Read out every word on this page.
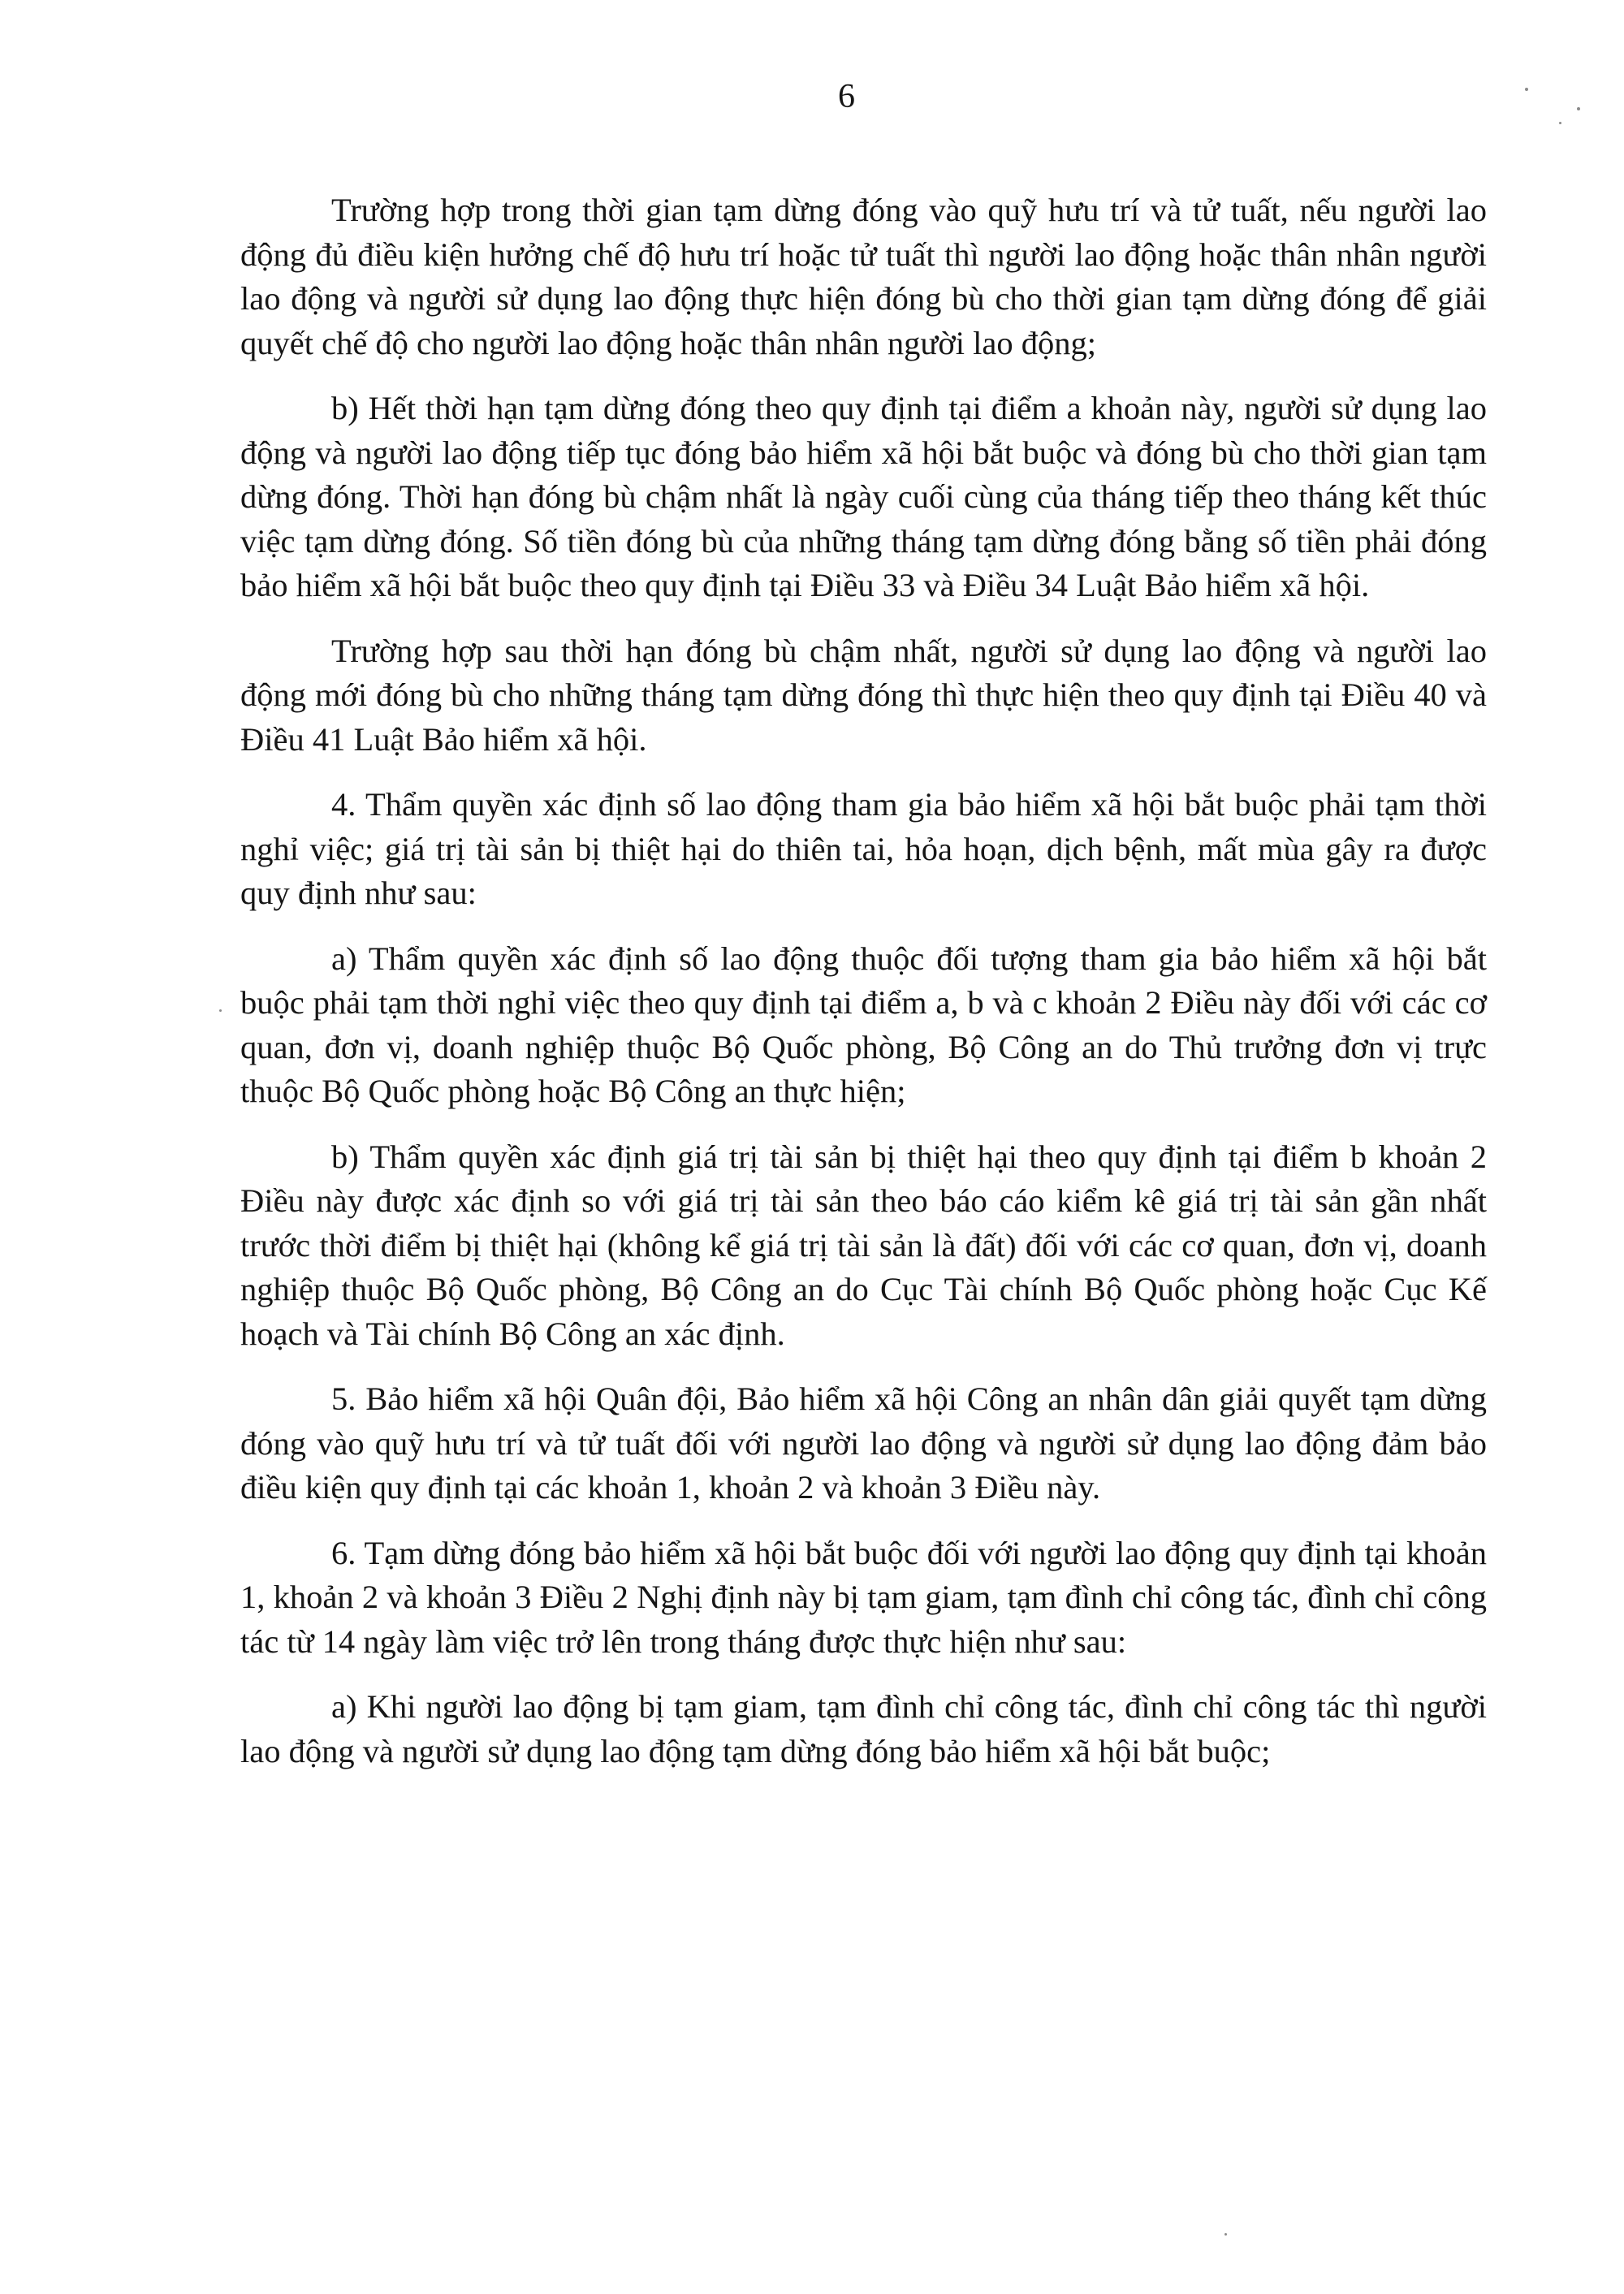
6

Trường hợp trong thời gian tạm dừng đóng vào quỹ hưu trí và tử tuất, nếu người lao động đủ điều kiện hưởng chế độ hưu trí hoặc tử tuất thì người lao động hoặc thân nhân người lao động và người sử dụng lao động thực hiện đóng bù cho thời gian tạm dừng đóng để giải quyết chế độ cho người lao động hoặc thân nhân người lao động;

b) Hết thời hạn tạm dừng đóng theo quy định tại điểm a khoản này, người sử dụng lao động và người lao động tiếp tục đóng bảo hiểm xã hội bắt buộc và đóng bù cho thời gian tạm dừng đóng. Thời hạn đóng bù chậm nhất là ngày cuối cùng của tháng tiếp theo tháng kết thúc việc tạm dừng đóng. Số tiền đóng bù của những tháng tạm dừng đóng bằng số tiền phải đóng bảo hiểm xã hội bắt buộc theo quy định tại Điều 33 và Điều 34 Luật Bảo hiểm xã hội.

Trường hợp sau thời hạn đóng bù chậm nhất, người sử dụng lao động và người lao động mới đóng bù cho những tháng tạm dừng đóng thì thực hiện theo quy định tại Điều 40 và Điều 41 Luật Bảo hiểm xã hội.

4. Thẩm quyền xác định số lao động tham gia bảo hiểm xã hội bắt buộc phải tạm thời nghỉ việc; giá trị tài sản bị thiệt hại do thiên tai, hỏa hoạn, dịch bệnh, mất mùa gây ra được quy định như sau:

a) Thẩm quyền xác định số lao động thuộc đối tượng tham gia bảo hiểm xã hội bắt buộc phải tạm thời nghỉ việc theo quy định tại điểm a, b và c khoản 2 Điều này đối với các cơ quan, đơn vị, doanh nghiệp thuộc Bộ Quốc phòng, Bộ Công an do Thủ trưởng đơn vị trực thuộc Bộ Quốc phòng hoặc Bộ Công an thực hiện;

b) Thẩm quyền xác định giá trị tài sản bị thiệt hại theo quy định tại điểm b khoản 2 Điều này được xác định so với giá trị tài sản theo báo cáo kiểm kê giá trị tài sản gần nhất trước thời điểm bị thiệt hại (không kể giá trị tài sản là đất) đối với các cơ quan, đơn vị, doanh nghiệp thuộc Bộ Quốc phòng, Bộ Công an do Cục Tài chính Bộ Quốc phòng hoặc Cục Kế hoạch và Tài chính Bộ Công an xác định.

5. Bảo hiểm xã hội Quân đội, Bảo hiểm xã hội Công an nhân dân giải quyết tạm dừng đóng vào quỹ hưu trí và tử tuất đối với người lao động và người sử dụng lao động đảm bảo điều kiện quy định tại các khoản 1, khoản 2 và khoản 3 Điều này.

6. Tạm dừng đóng bảo hiểm xã hội bắt buộc đối với người lao động quy định tại khoản 1, khoản 2 và khoản 3 Điều 2 Nghị định này bị tạm giam, tạm đình chỉ công tác, đình chỉ công tác từ 14 ngày làm việc trở lên trong tháng được thực hiện như sau:

a) Khi người lao động bị tạm giam, tạm đình chỉ công tác, đình chỉ công tác thì người lao động và người sử dụng lao động tạm dừng đóng bảo hiểm xã hội bắt buộc;
